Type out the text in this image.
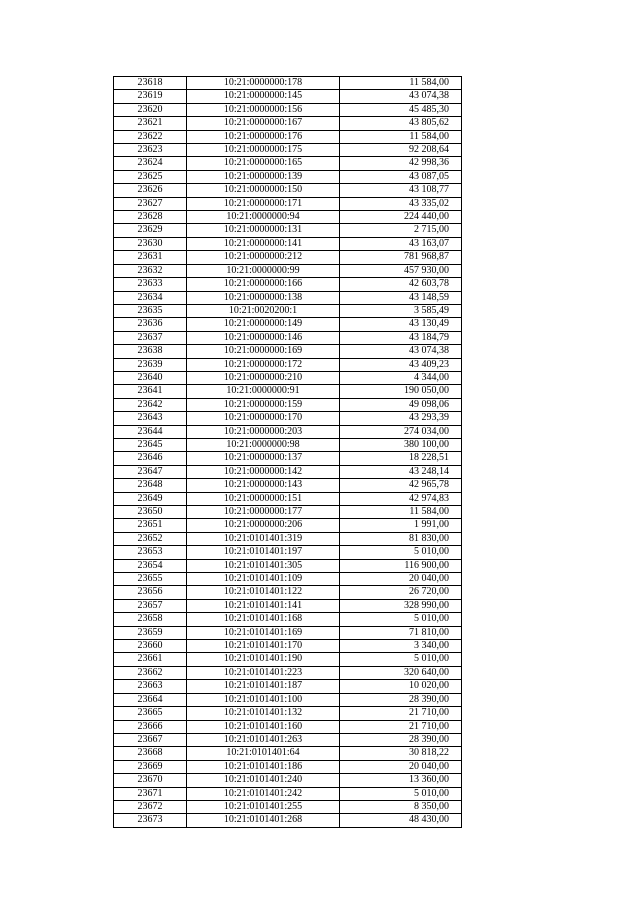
23618	10:21:0000000:178	11 584,00
23619	10:21:0000000:145	43 074,38
23620	10:21:0000000:156	45 485,30
23621	10:21:0000000:167	43 805,62
23622	10:21:0000000:176	11 584,00
23623	10:21:0000000:175	92 208,64
23624	10:21:0000000:165	42 998,36
23625	10:21:0000000:139	43 087,05
23626	10:21:0000000:150	43 108,77
23627	10:21:0000000:171	43 335,02
23628	10:21:0000000:94	224 440,00
23629	10:21:0000000:131	2 715,00
23630	10:21:0000000:141	43 163,07
23631	10:21:0000000:212	781 968,87
23632	10:21:0000000:99	457 930,00
23633	10:21:0000000:166	42 603,78
23634	10:21:0000000:138	43 148,59
23635	10:21:0020200:1	3 585,49
23636	10:21:0000000:149	43 130,49
23637	10:21:0000000:146	43 184,79
23638	10:21:0000000:169	43 074,38
23639	10:21:0000000:172	43 409,23
23640	10:21:0000000:210	4 344,00
23641	10:21:0000000:91	190 050,00
23642	10:21:0000000:159	49 098,06
23643	10:21:0000000:170	43 293,39
23644	10:21:0000000:203	274 034,00
23645	10:21:0000000:98	380 100,00
23646	10:21:0000000:137	18 228,51
23647	10:21:0000000:142	43 248,14
23648	10:21:0000000:143	42 965,78
23649	10:21:0000000:151	42 974,83
23650	10:21:0000000:177	11 584,00
23651	10:21:0000000:206	1 991,00
23652	10:21:0101401:319	81 830,00
23653	10:21:0101401:197	5 010,00
23654	10:21:0101401:305	116 900,00
23655	10:21:0101401:109	20 040,00
23656	10:21:0101401:122	26 720,00
23657	10:21:0101401:141	328 990,00
23658	10:21:0101401:168	5 010,00
23659	10:21:0101401:169	71 810,00
23660	10:21:0101401:170	3 340,00
23661	10:21:0101401:190	5 010,00
23662	10:21:0101401:223	320 640,00
23663	10:21:0101401:187	10 020,00
23664	10:21:0101401:100	28 390,00
23665	10:21:0101401:132	21 710,00
23666	10:21:0101401:160	21 710,00
23667	10:21:0101401:263	28 390,00
23668	10:21:0101401:64	30 818,22
23669	10:21:0101401:186	20 040,00
23670	10:21:0101401:240	13 360,00
23671	10:21:0101401:242	5 010,00
23672	10:21:0101401:255	8 350,00
23673	10:21:0101401:268	48 430,00
